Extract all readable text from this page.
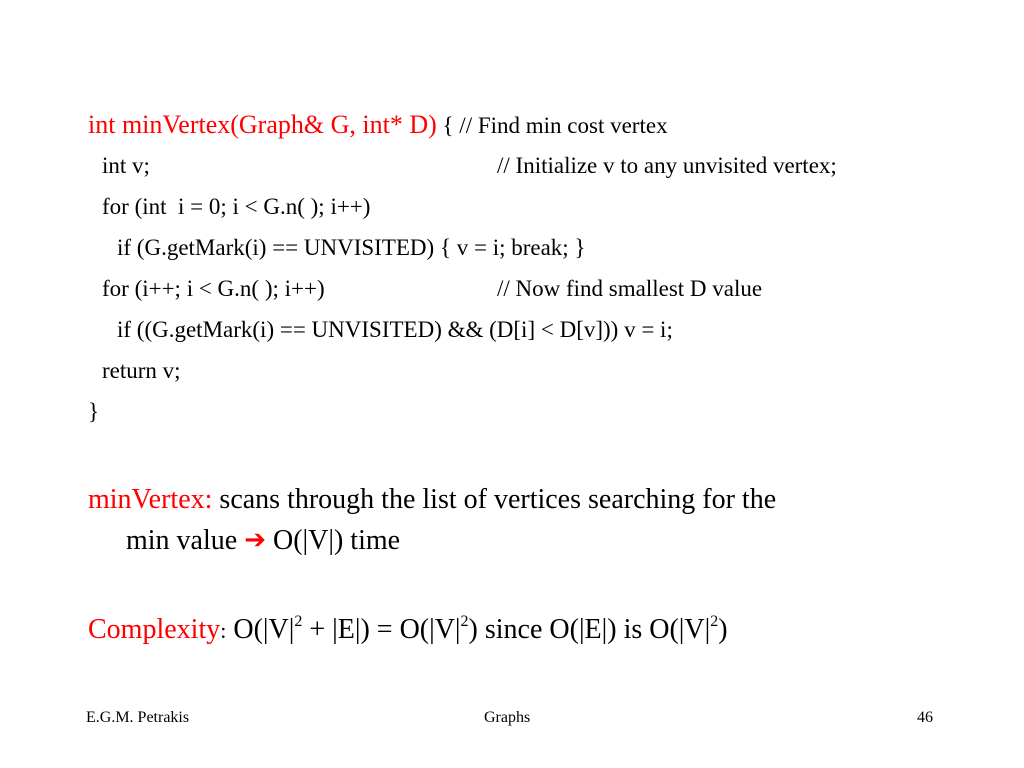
int minVertex(Graph& G, int* D) { // Find min cost vertex

int v;

	// Initialize v to any unvisited vertex;

for (int  i = 0; i < G.n( ); i++)

if (G.getMark(i) == UNVISITED) { v = i; break; }

for (i++; i < G.n( ); i++)

	// Now find smallest D value

if ((G.getMark(i) == UNVISITED) && (D[i] < D[v])) v = i;

return v;

}

minVertex: scans through the list of vertices searching for the
min value ➔ O(|V|) time
Complexity: $O(|V|^2 + |E|) = O(|V|^2)$ since O(|E|) is $O(|V|^2)$
E.G.M. Petrakis	Graphs	46
